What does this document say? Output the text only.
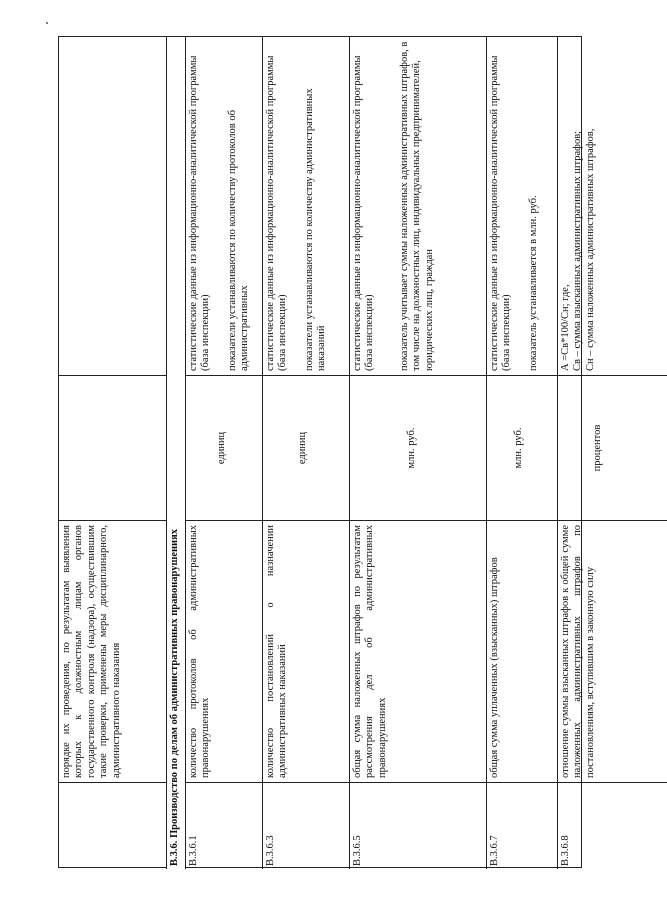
порядке их проведения, по результатам выявления которых к должностным лицам органов государственного контроля (надзора), осуществившим такие проверки, применены меры дисциплинарного, административного наказания	В.3.6. Производство по делам об административных правонарушениях В.3.6.1
количество протоколов об административных правонарушениях
единиц
статистические данные из информационно-аналитической программы (база инспекции) показатели устанавливаются по количеству протоколов об административных
В.3.6.3
количество постановлений о назначении административных наказаний
единиц
статистические данные из информационно-аналитической программы (база инспекции) показатели устанавливаются по количеству административных наказаний
В.3.6.5
общая сумма наложенных штрафов по результатам рассмотрения дел об административных правонарушениях
млн. руб.
статистические данные из информационно-аналитической программы (база инспекции) показатель учитывает суммы наложенных административных штрафов, в том числе на должностных лиц, индивидуальных предпринимателей, юридических лиц, граждан
В.3.6.7
общая сумма уплаченных (взысканных) штрафов
млн. руб.
статистические данные из информационно-аналитической программы (база инспекции) показатель устанавливается в млн. руб.
В.3.6.8
отношение суммы взысканных штрафов к общей сумме наложенных административных штрафов по постановлениям, вступившим в законную силу
процентов
А =Св*100/Сн; где, Св – сумма взысканных административных штрафов; Сн – сумма наложенных административных штрафов,
